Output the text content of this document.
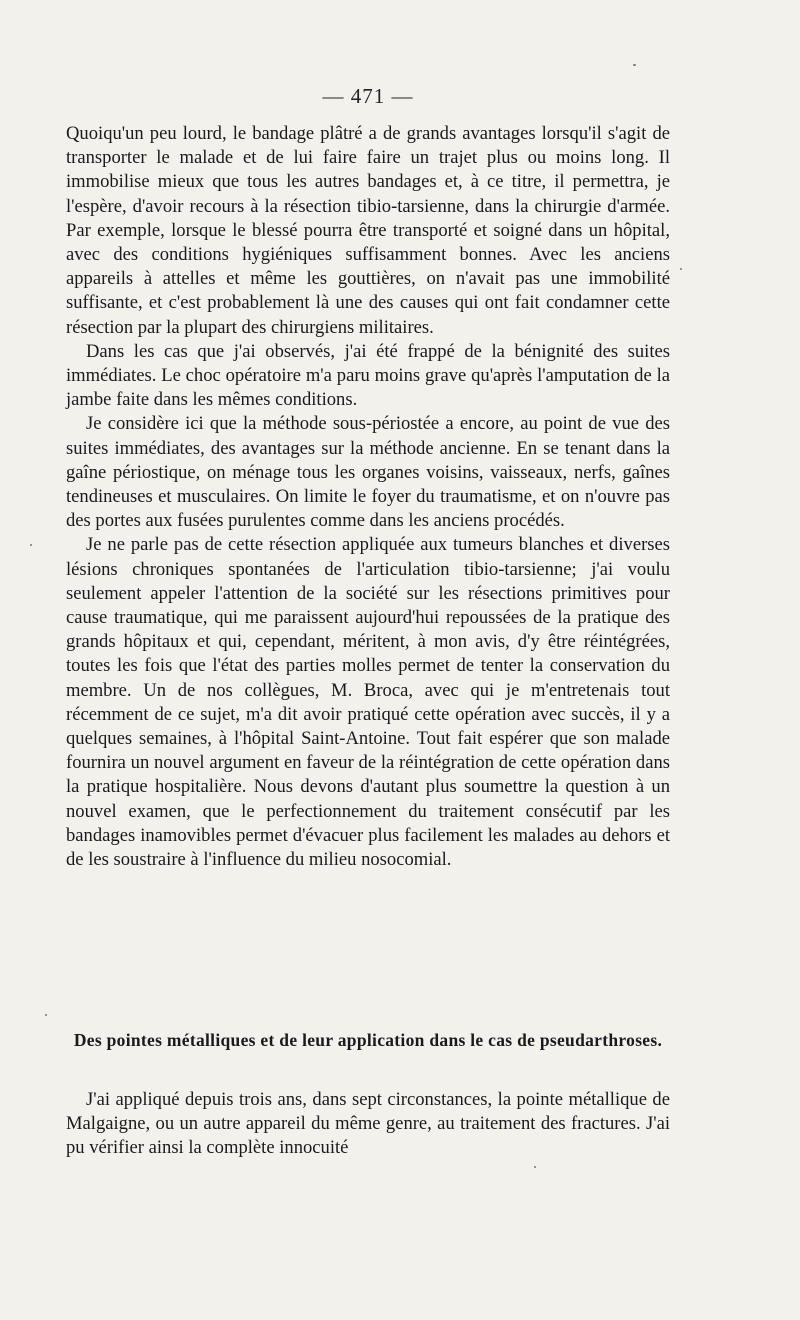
— 471 —

Quoiqu'un peu lourd, le bandage plâtré a de grands avantages lorsqu'il s'agit de transporter le malade et de lui faire faire un trajet plus ou moins long. Il immobilise mieux que tous les autres bandages et, à ce titre, il permettra, je l'espère, d'avoir recours à la résection tibio-tarsienne, dans la chirurgie d'armée. Par exemple, lorsque le blessé pourra être transporté et soigné dans un hôpital, avec des conditions hygiéniques suffisamment bonnes. Avec les anciens appareils à attelles et même les gouttières, on n'avait pas une immobilité suffisante, et c'est probablement là une des causes qui ont fait condamner cette résection par la plupart des chirurgiens militaires.

Dans les cas que j'ai observés, j'ai été frappé de la bénignité des suites immédiates. Le choc opératoire m'a paru moins grave qu'après l'amputation de la jambe faite dans les mêmes conditions.

Je considère ici que la méthode sous-périostée a encore, au point de vue des suites immédiates, des avantages sur la méthode ancienne. En se tenant dans la gaîne périostique, on ménage tous les organes voisins, vaisseaux, nerfs, gaînes tendineuses et musculaires. On limite le foyer du traumatisme, et on n'ouvre pas des portes aux fusées purulentes comme dans les anciens procédés.

Je ne parle pas de cette résection appliquée aux tumeurs blanches et diverses lésions chroniques spontanées de l'articulation tibio-tarsienne; j'ai voulu seulement appeler l'attention de la société sur les résections primitives pour cause traumatique, qui me paraissent aujourd'hui repoussées de la pratique des grands hôpitaux et qui, cependant, méritent, à mon avis, d'y être réintégrées, toutes les fois que l'état des parties molles permet de tenter la conservation du membre. Un de nos collègues, M. Broca, avec qui je m'entretenais tout récemment de ce sujet, m'a dit avoir pratiqué cette opération avec succès, il y a quelques semaines, à l'hôpital Saint-Antoine. Tout fait espérer que son malade fournira un nouvel argument en faveur de la réintégration de cette opération dans la pratique hospitalière. Nous devons d'autant plus soumettre la question à un nouvel examen, que le perfectionnement du traitement consécutif par les bandages inamovibles permet d'évacuer plus facilement les malades au dehors et de les soustraire à l'influence du milieu nosocomial.

Des pointes métalliques et de leur application dans le cas de pseudarthroses.

J'ai appliqué depuis trois ans, dans sept circonstances, la pointe métallique de Malgaigne, ou un autre appareil du même genre, au traitement des fractures. J'ai pu vérifier ainsi la complète innocuité
